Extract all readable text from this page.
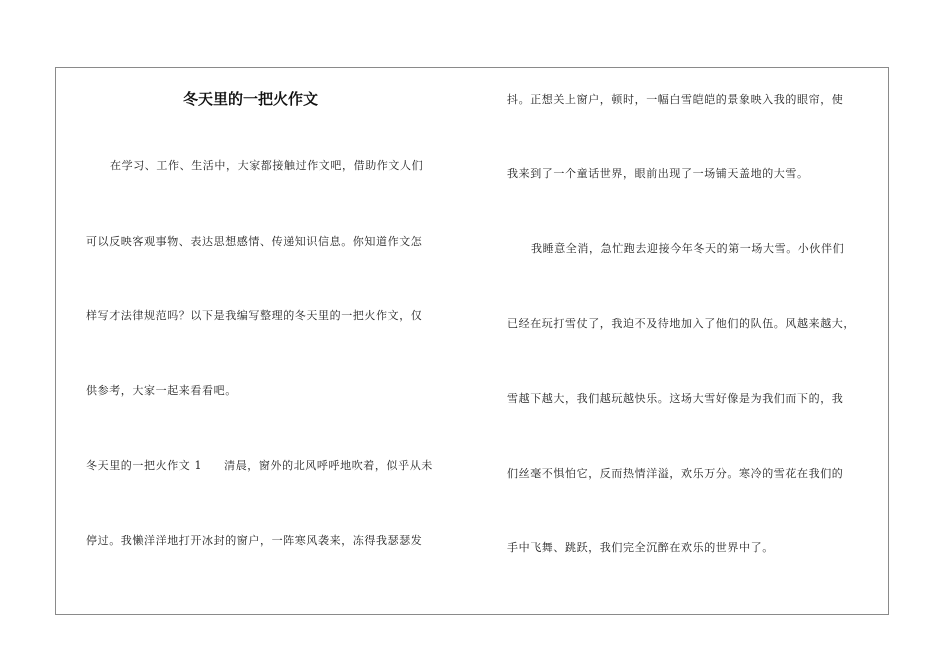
冬天里的一把火作文
在学习、工作、生活中，大家都接触过作文吧，借助作文人们
可以反映客观事物、表达思想感情、传递知识信息。你知道作文怎
样写才法律规范吗？以下是我编写整理的冬天里的一把火作文，仅
供参考，大家一起来看看吧。
冬天里的一把火作文 1 清晨，窗外的北风呼呼地吹着，似乎从未
停过。我懒洋洋地打开冰封的窗户，一阵寒风袭来，冻得我瑟瑟发
抖。正想关上窗户，顿时，一幅白雪皑皑的景象映入我的眼帘，使
我来到了一个童话世界，眼前出现了一场铺天盖地的大雪。
我睡意全消，急忙跑去迎接今年冬天的第一场大雪。小伙伴们
已经在玩打雪仗了，我迫不及待地加入了他们的队伍。风越来越大，
雪越下越大，我们越玩越快乐。这场大雪好像是为我们而下的，我
们丝毫不惧怕它，反而热情洋溢，欢乐万分。寒冷的雪花在我们的
手中飞舞、跳跃，我们完全沉醉在欢乐的世界中了。
